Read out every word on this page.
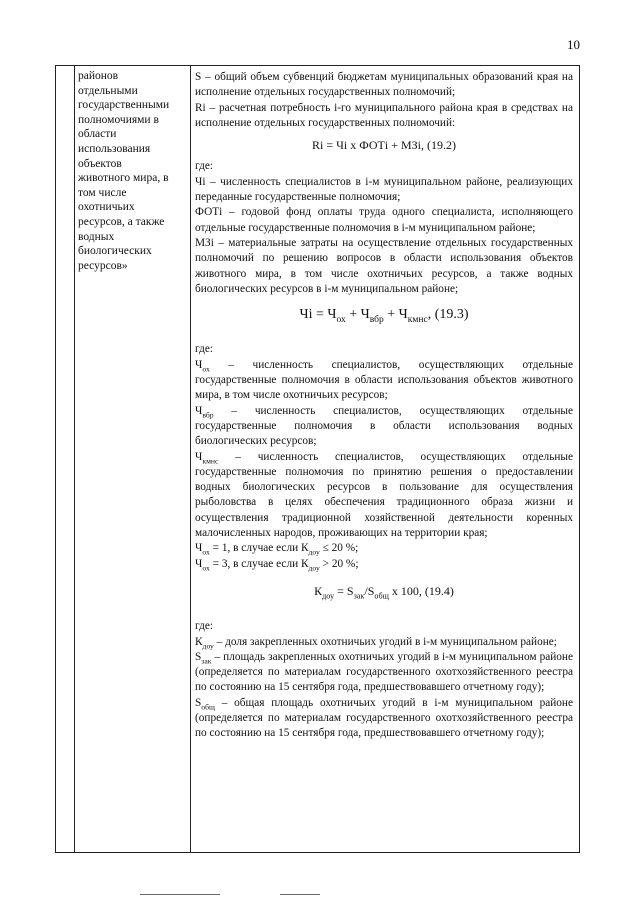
10
районов
отдельными
государственными
полномочиями в
области
использования
объектов
животного мира, в
том числе
охотничьих
ресурсов, а также
водных
биологических
ресурсов»

S – общий объем субвенций бюджетам муниципальных образований края на исполнение отдельных государственных полномочий;

Ri – расчетная потребность i-го муниципального района края в средствах на исполнение отдельных государственных полномочий:

Ri = Чi x ФОТi + МЗi, (19.2)

где:

Чi – численность специалистов в i-м муниципальном районе, реализующих переданные государственные полномочия;

ФОТi – годовой фонд оплаты труда одного специалиста, исполняющего отдельные государственные полномочия в i-м муниципальном районе;

МЗi – материальные затраты на осуществление отдельных государственных полномочий по решению вопросов в области использования объектов животного мира, в том числе охотничьих ресурсов, а также водных биологических ресурсов в i-м муниципальном районе;

Чi = $Ч_{ох} + Ч_{вбр} + Ч_{кмнс}$, (19.3)

где:

$Ч_{ох}$ – численность специалистов, осуществляющих отдельные государственные полномочия в области использования объектов животного мира, в том числе охотничьих ресурсов;

$Ч_{вбр}$ – численность специалистов, осуществляющих отдельные государственные полномочия в области использования водных биологических ресурсов;

$Ч_{кмнс}$ – численность специалистов, осуществляющих отдельные государственные полномочия по принятию решения о предоставлении водных биологических ресурсов в пользование для осуществления рыболовства в целях обеспечения традиционного образа жизни и осуществления традиционной хозяйственной деятельности коренных малочисленных народов, проживающих на территории края;

$Ч_{ох} = 1$, в случае если $К_{доу} \le 20$ %;

$Ч_{ох} = 3$, в случае если $К_{доу} > 20$ %;

$К_{доу} = S_{зак}/S_{общ}$ x 100, (19.4)

где:

$К_{доу}$ – доля закрепленных охотничьих угодий в i-м муниципальном районе;

$S_{зак}$ – площадь закрепленных охотничьих угодий в i-м муниципальном районе (определяется по материалам государственного охотхозяйственного реестра по состоянию на 15 сентября года, предшествовавшего отчетному году);

$S_{общ}$ – общая площадь охотничьих угодий в i-м муниципальном районе (определяется по материалам государственного охотхозяйственного реестра по состоянию на 15 сентября года, предшествовавшего отчетному году);
